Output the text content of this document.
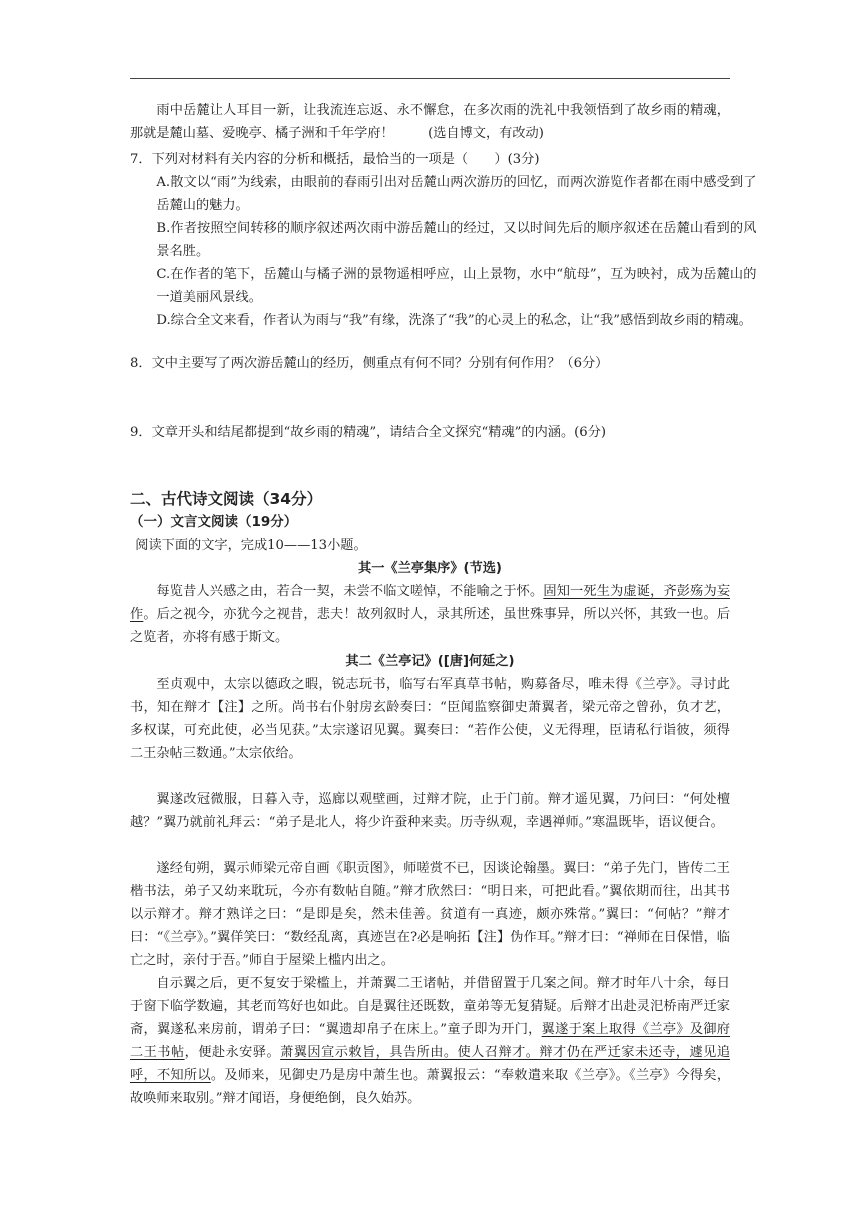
雨中岳麓让人耳目一新，让我流连忘返、永不懈怠，在多次雨的洗礼中我领悟到了故乡雨的精魂，那就是麓山墓、爱晚亭、橘子洲和千年学府！	(选自博文，有改动)

7．下列对材料有关内容的分析和概括，最恰当的一项是（　　）(3分)

A.散文以“雨”为线索，由眼前的春雨引出对岳麓山两次游历的回忆，而两次游览作者都在雨中感受到了岳麓山的魅力。

B.作者按照空间转移的顺序叙述两次雨中游岳麓山的经过，又以时间先后的顺序叙述在岳麓山看到的风景名胜。

C.在作者的笔下，岳麓山与橘子洲的景物遥相呼应，山上景物，水中“航母”，互为映衬，成为岳麓山的一道美丽风景线。

D.综合全文来看，作者认为雨与“我”有缘，洗涤了“我”的心灵上的私念，让“我”感悟到故乡雨的精魂。

8．文中主要写了两次游岳麓山的经历，侧重点有何不同？分别有何作用？（6分）

9．文章开头和结尾都提到“故乡雨的精魂”，请结合全文探究“精魂”的内涵。(6分)

二、古代诗文阅读（34分）

（一）文言文阅读（19分）

阅读下面的文字，完成10——13小题。

其一《兰亭集序》(节选)

每览昔人兴感之由，若合一契，未尝不临文嗟悼，不能喻之于怀。固知一死生为虚诞，齐彭殇为妄作。后之视今，亦犹今之视昔，悲夫！故列叙时人，录其所述，虽世殊事异，所以兴怀，其致一也。后之览者，亦将有感于斯文。

其二《兰亭记》([唐]何延之)

至贞观中，太宗以德政之暇，锐志玩书，临写右军真草书帖，购募备尽，唯未得《兰亭》。寻讨此书，知在辩才【注】之所。尚书右仆射房玄龄奏曰：“臣闻监察御史萧翼者，梁元帝之曾孙，负才艺，多权谋，可充此使，必当见获。”太宗遂诏见翼。翼奏曰：“若作公使，义无得理，臣请私行诣彼，须得二王杂帖三数通。”太宗依给。

翼遂改冠微服，日暮入寺，巡廊以观壁画，过辩才院，止于门前。辩才遥见翼，乃问曰：“何处檀越？”翼乃就前礼拜云：“弟子是北人，将少许蚕种来卖。历寺纵观，幸遇禅师。”寒温既毕，语议便合。

遂经旬朔，翼示师梁元帝自画《职贡图》，师嗟赏不已，因谈论翰墨。翼曰：“弟子先门，皆传二王楷书法，弟子又幼来耽玩，今亦有数帖自随。”辩才欣然曰：“明日来，可把此看。”翼依期而往，出其书以示辩才。辩才熟详之曰：“是即是矣，然未佳善。贫道有一真迹，颇亦殊常。”翼曰：“何帖？”辩才曰：“《兰亭》。”翼佯笑曰：“数经乱离，真迹岂在?必是响拓【注】伪作耳。”辩才曰：“禅师在日保惜，临亡之时，亲付于吾。”师自于屋梁上槛内出之。

自示翼之后，更不复安于梁槛上，并萧翼二王诸帖，并借留置于几案之间。辩才时年八十余，每日于窗下临学数遍，其老而笃好也如此。自是翼往还既数，童弟等无复猜疑。后辩才出赴灵汜桥南严迁家斋，翼遂私来房前，谓弟子曰：“翼遗却帛子在床上。”童子即为开门，翼遂于案上取得《兰亭》及御府二王书帖，便赴永安驿。萧翼因宣示敕旨，具告所由。使人召辩才。辩才仍在严迁家未还寺，遽见追呼，不知所以。及师来，见御史乃是房中萧生也。萧翼报云：“奉敕遣来取《兰亭》。《兰亭》今得矣，故唤师来取别。”辩才闻语，身便绝倒，良久始苏。
